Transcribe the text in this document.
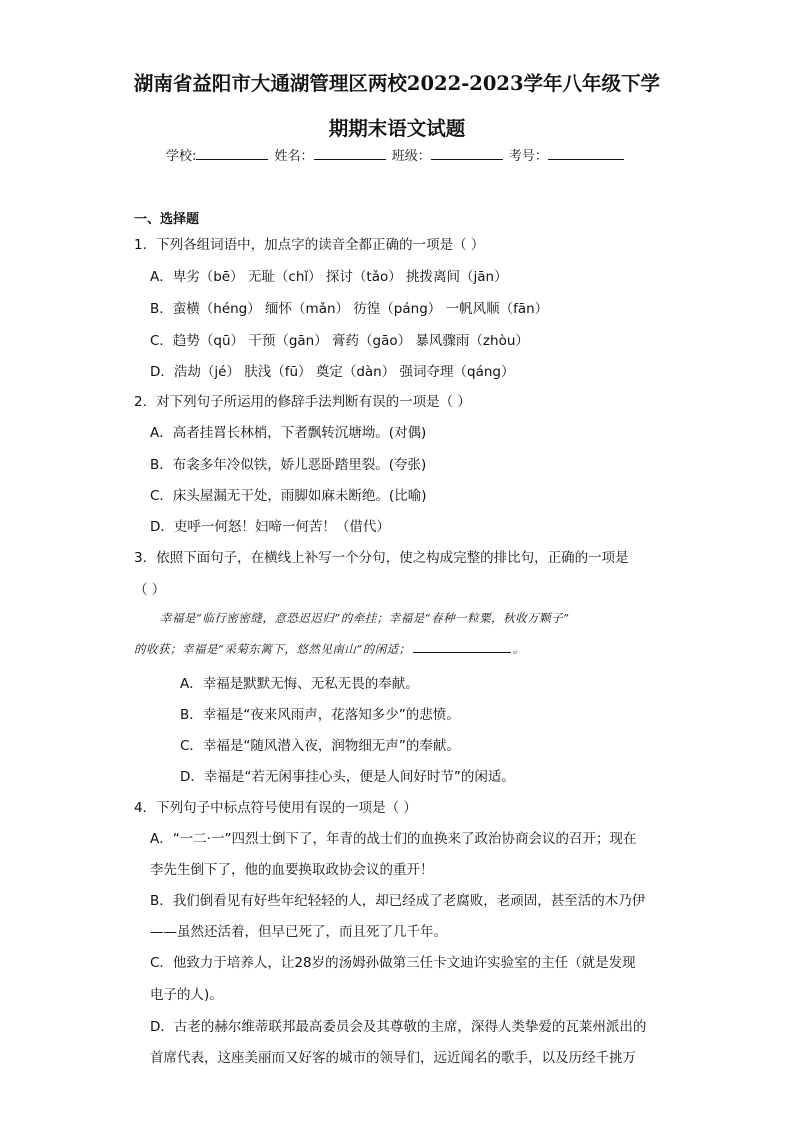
湖南省益阳市大通湖管理区两校2022-2023学年八年级下学
期期末语文试题
学校:	姓名：	班级：	考号：
一、选择题
1．下列各组词语中，加点字的读音全都正确的一项是（ ）
A．卑劣（bē） 无耻（chǐ） 探讨（tǎo） 挑拨离间（jān）
B．蛮横（héng） 缅怀（mǎn） 彷徨（páng） 一帆风顺（fān）
C．趋势（qū） 干预（gān） 膏药（gāo） 暴风骤雨（zhòu）
D．浩劫（jé） 肤浅（fū） 奠定（dàn） 强词夺理（qáng）
2．对下列句子所运用的修辞手法判断有误的一项是（ ）
A．高者挂罥长林梢，下者飘转沉塘坳。(对偶)
B．布衾多年冷似铁，娇儿恶卧踏里裂。(夸张)
C．床头屋漏无干处，雨脚如麻未断绝。(比喻)
D．吏呼一何怒！妇啼一何苦！（借代）
3．依照下面句子，在横线上补写一个分句，使之构成完整的排比句，正确的一项是
（ ）
幸福是“临行密密缝，意恐迟迟归”的牵挂；幸福是“春种一粒粟，秋收万颗子”
的收获；幸福是“采菊东篱下，悠然见南山”的闲适；	。
A．幸福是默默无悔、无私无畏的奉献。
B．幸福是“夜来风雨声，花落知多少”的悲愤。
C．幸福是“随风潜入夜，润物细无声”的奉献。
D．幸福是“若无闲事挂心头，便是人间好时节”的闲适。
4．下列句子中标点符号使用有误的一项是（ ）
A．“一二·一”四烈士倒下了，年青的战士们的血换来了政治协商会议的召开；现在
李先生倒下了，他的血要换取政协会议的重开！
B．我们倒看见有好些年纪轻轻的人，却已经成了老腐败，老顽固，甚至活的木乃伊
——虽然还活着，但早已死了，而且死了几千年。
C．他致力于培养人，让28岁的汤姆孙做第三任卡文迪许实验室的主任（就是发现
电子的人)。
D．古老的赫尔维蒂联邦最高委员会及其尊敬的主席，深得人类挚爱的瓦莱州派出的
首席代表，这座美丽而又好客的城市的领导们，远近闻名的歌手，以及历经千挑万
